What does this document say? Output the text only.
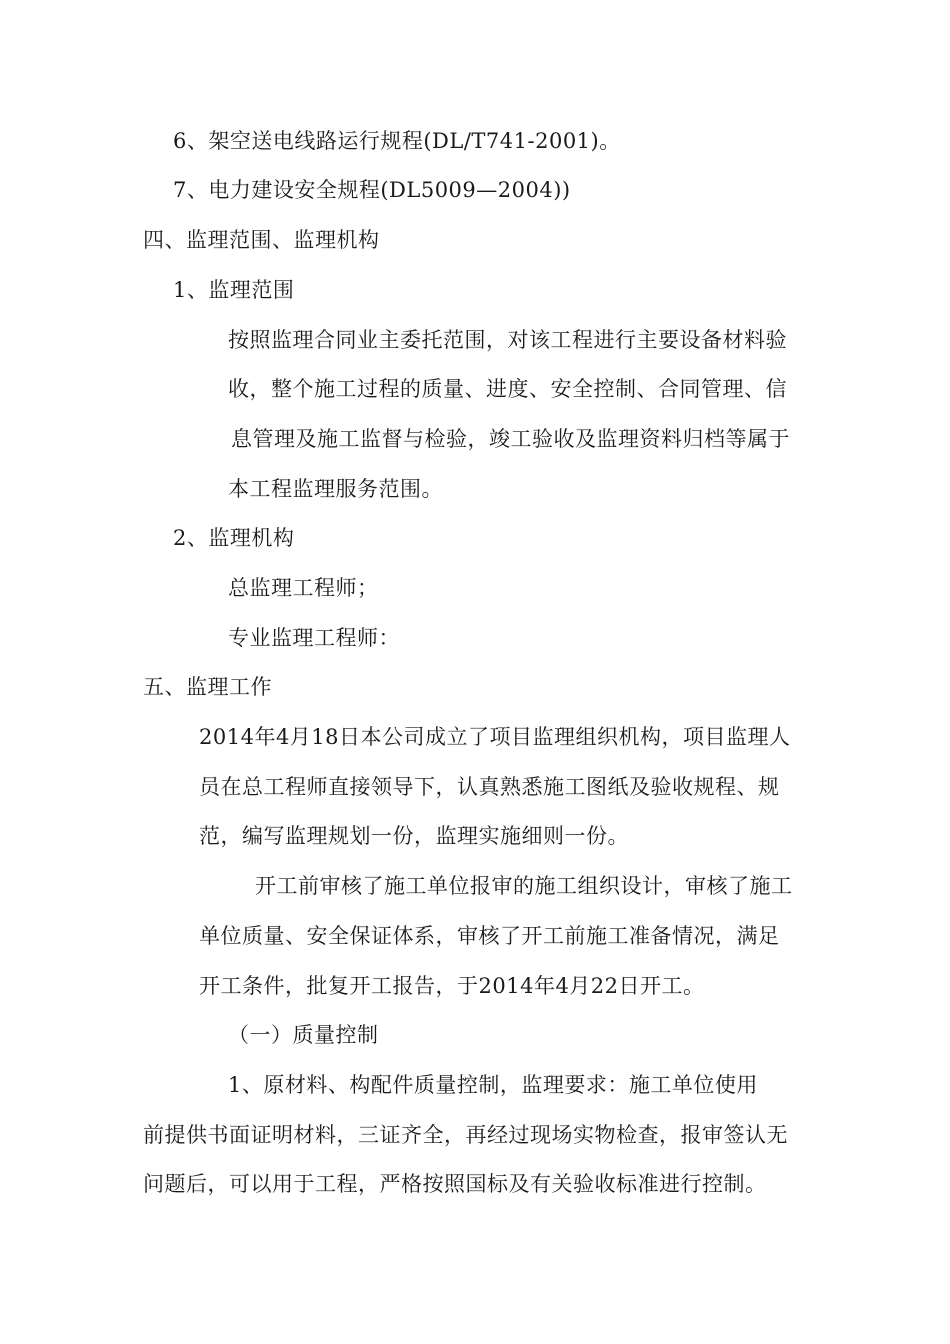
6、架空送电线路运行规程(DL/T741-2001)。
7、电力建设安全规程(DL5009—2004))
四、监理范围、监理机构
1、监理范围
按照监理合同业主委托范围，对该工程进行主要设备材料验
收，整个施工过程的质量、进度、安全控制、合同管理、信
息管理及施工监督与检验，竣工验收及监理资料归档等属于
本工程监理服务范围。
2、监理机构
总监理工程师；
专业监理工程师：
五、监理工作
2014年4月18日本公司成立了项目监理组织机构，项目监理人
员在总工程师直接领导下，认真熟悉施工图纸及验收规程、规
范，编写监理规划一份，监理实施细则一份。
开工前审核了施工单位报审的施工组织设计，审核了施工
单位质量、安全保证体系，审核了开工前施工准备情况，满足
开工条件，批复开工报告，于2014年4月22日开工。
（一）质量控制
1、原材料、构配件质量控制，监理要求：施工单位使用
前提供书面证明材料，三证齐全，再经过现场实物检查，报审签认无
问题后，可以用于工程，严格按照国标及有关验收标准进行控制。
